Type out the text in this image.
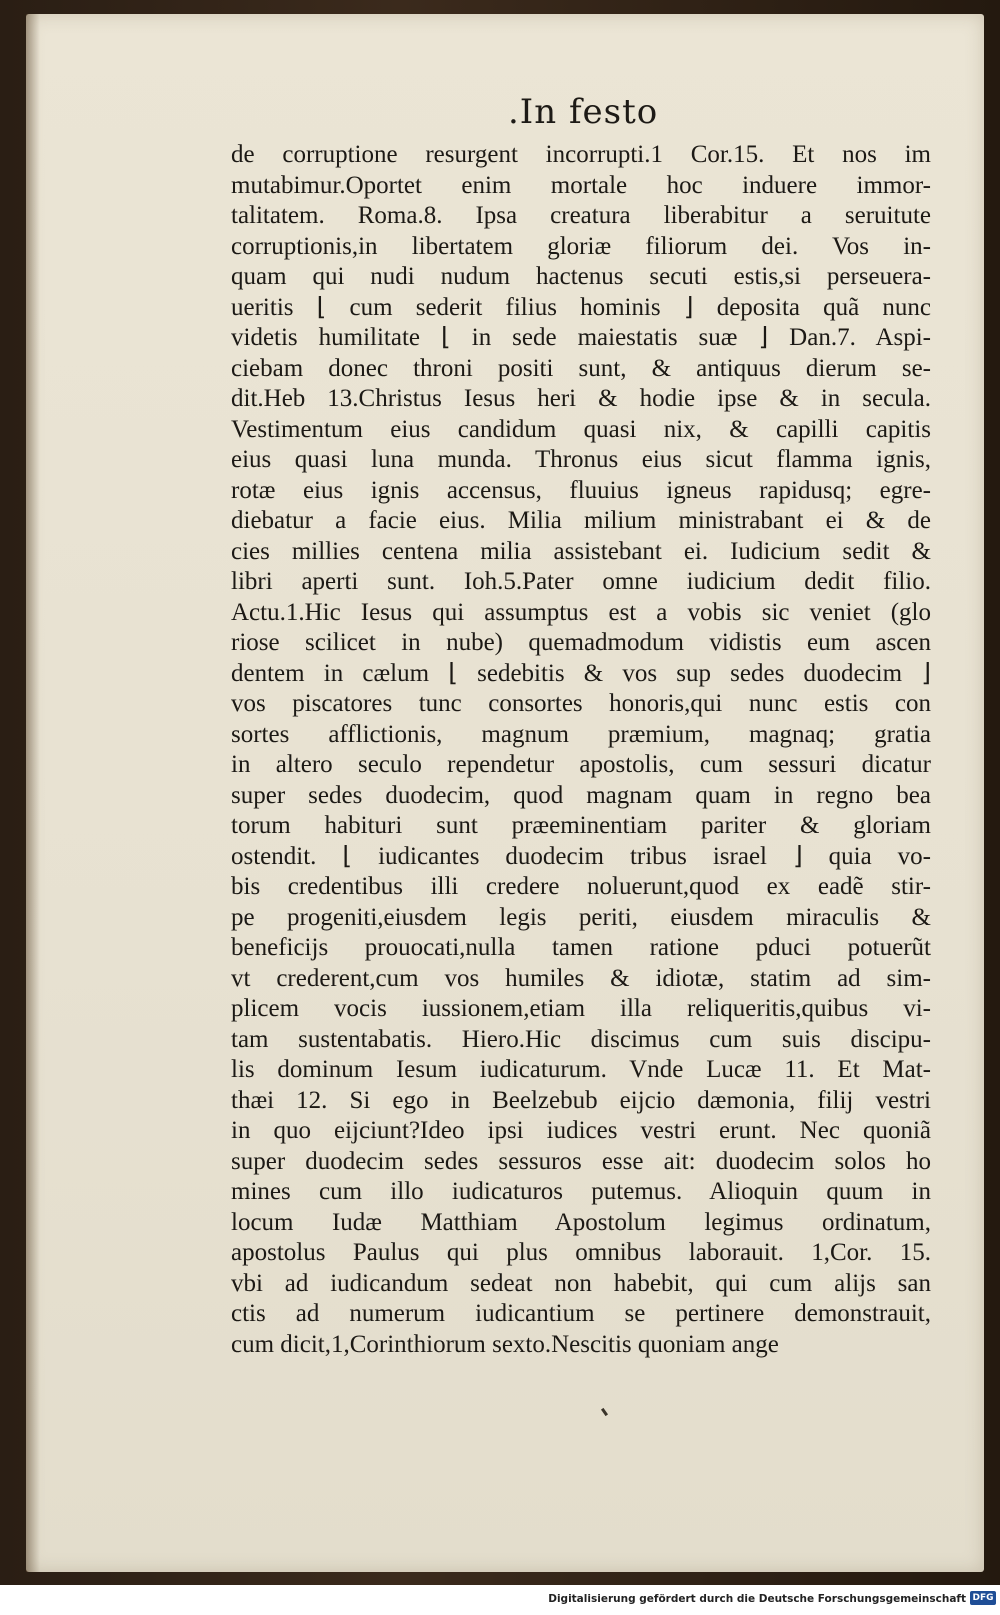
.In festo
de corruptione resurgent incorrupti.1 Cor.15. Et nos im
mutabimur.Oportet enim mortale hoc induere immor-
talitatem. Roma.8. Ipsa creatura liberabitur a seruitute
corruptionis,in libertatem gloriæ filiorum dei. Vos in-
quam qui nudi nudum hactenus secuti estis,si perseuera-
ueritis ⌊ cum sederit filius hominis ⌋ deposita quã nunc
videtis humilitate ⌊ in sede maiestatis suæ ⌋ Dan.7. Aspi-
ciebam donec throni positi sunt, & antiquus dierum se-
dit.Heb 13.Christus Iesus heri & hodie ipse & in secula.
Vestimentum eius candidum quasi nix, & capilli capitis
eius quasi luna munda. Thronus eius sicut flamma ignis,
rotæ eius ignis accensus, fluuius igneus rapidusq; egre-
diebatur a facie eius. Milia milium ministrabant ei & de
cies millies centena milia assistebant ei. Iudicium sedit &
libri aperti sunt. Ioh.5.Pater omne iudicium dedit filio.
Actu.1.Hic Iesus qui assumptus est a vobis sic veniet (glo
riose scilicet in nube) quemadmodum vidistis eum ascen
dentem in cælum ⌊ sedebitis & vos sup sedes duodecim ⌋
vos piscatores tunc consortes honoris,qui nunc estis con
sortes afflictionis, magnum præmium, magnaq; gratia
in altero seculo rependetur apostolis, cum sessuri dicatur
super sedes duodecim, quod magnam quam in regno bea
torum habituri sunt præeminentiam pariter & gloriam
ostendit. ⌊ iudicantes duodecim tribus israel ⌋ quia vo-
bis credentibus illi credere noluerunt,quod ex eadẽ stir-
pe progeniti,eiusdem legis periti, eiusdem miraculis &
beneficijs prouocati,nulla tamen ratione pduci potuerũt
vt crederent,cum vos humiles & idiotæ, statim ad sim-
plicem vocis iussionem,etiam illa reliqueritis,quibus vi-
tam sustentabatis. Hiero.Hic discimus cum suis discipu-
lis dominum Iesum iudicaturum. Vnde Lucæ 11. Et Mat-
thæi 12. Si ego in Beelzebub eijcio dæmonia, filij vestri
in quo eijciunt?Ideo ipsi iudices vestri erunt. Nec quoniã
super duodecim sedes sessuros esse ait: duodecim solos ho
mines cum illo iudicaturos putemus. Alioquin quum in
locum Iudæ Matthiam Apostolum legimus ordinatum,
apostolus Paulus qui plus omnibus laborauit. 1,Cor. 15.
vbi ad iudicandum sedeat non habebit, qui cum alijs san
ctis ad numerum iudicantium se pertinere demonstrauit,
cum dicit,1,Corinthiorum sexto.Nescitis quoniam ange
Digitalisierung gefördert durch die Deutsche Forschungsgemeinschaft DFG
